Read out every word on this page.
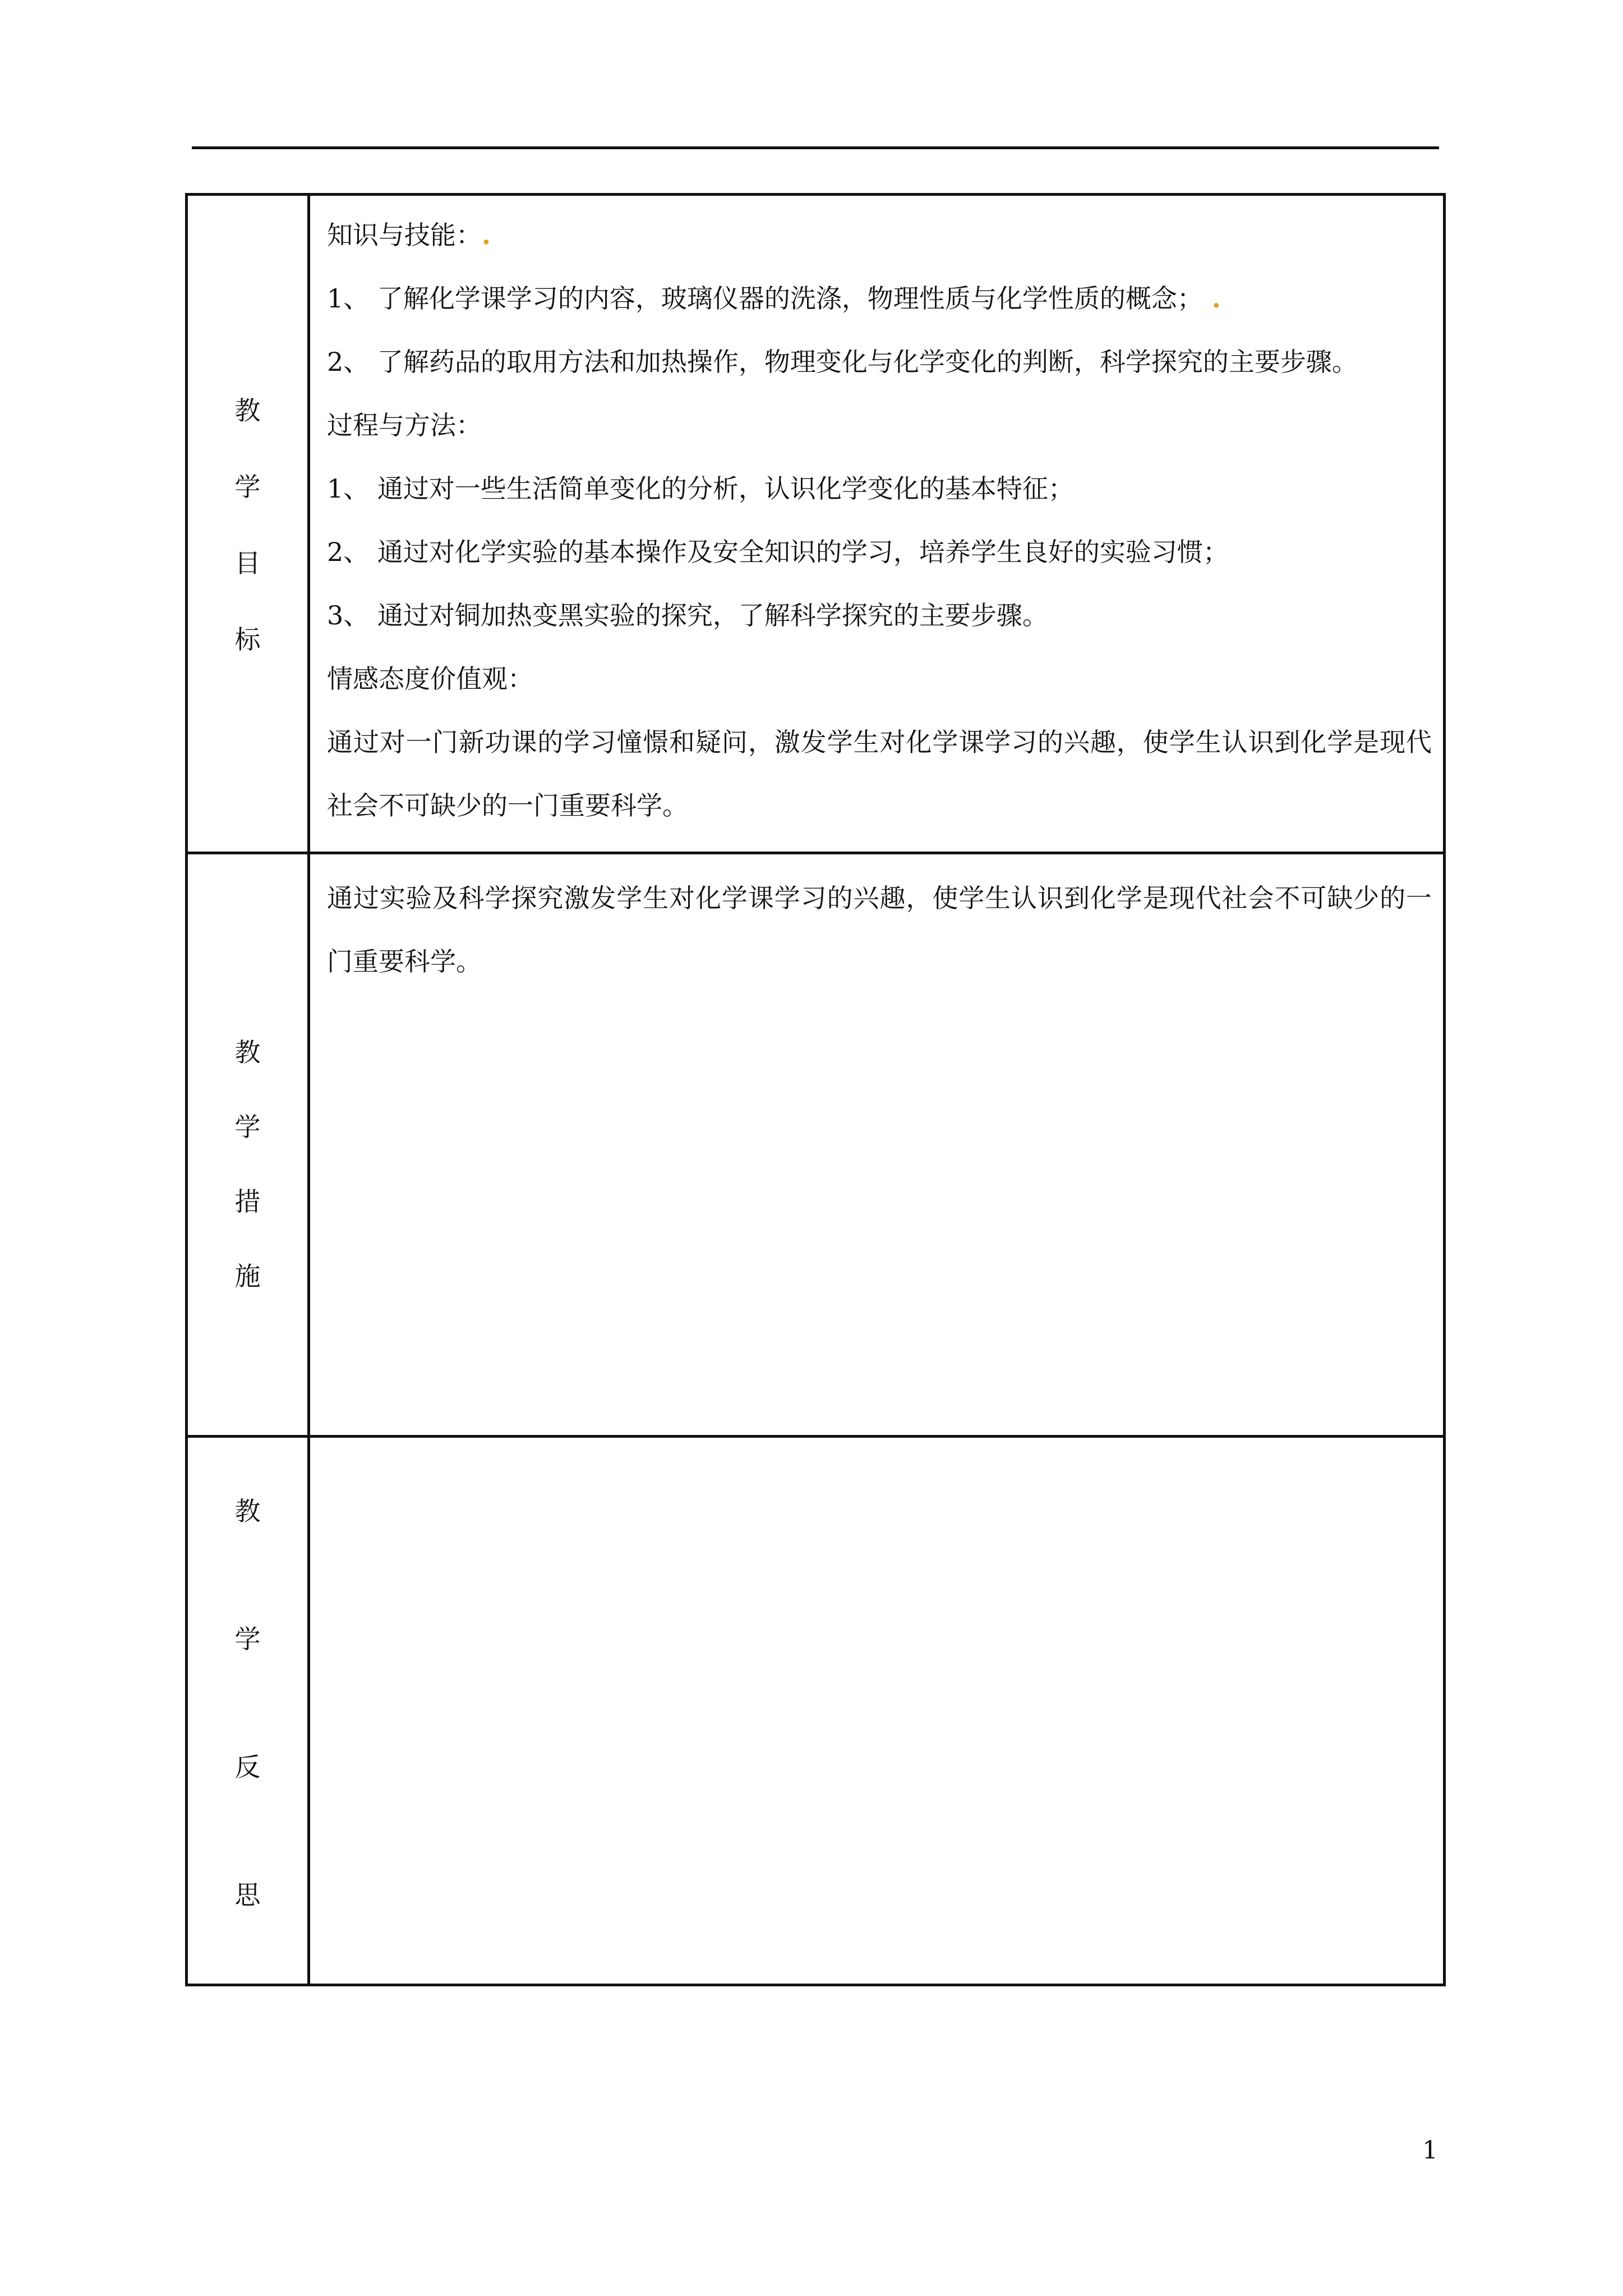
教
学
目
标

知识与技能：.

1、 了解化学课学习的内容，玻璃仪器的洗涤，物理性质与化学性质的概念； .

2、 了解药品的取用方法和加热操作，物理变化与化学变化的判断，科学探究的主要步骤。

过程与方法：

1、 通过对一些生活简单变化的分析，认识化学变化的基本特征；

2、 通过对化学实验的基本操作及安全知识的学习，培养学生良好的实验习惯；

3、 通过对铜加热变黑实验的探究，了解科学探究的主要步骤。

情感态度价值观：

通过对一门新功课的学习憧憬和疑问，激发学生对化学课学习的兴趣，使学生认识到化学是现代社会不可缺少的一门重要科学。

教
学
措
施

通过实验及科学探究激发学生对化学课学习的兴趣，使学生认识到化学是现代社会不可缺少的一门重要科学。

教
学
反
思

1
